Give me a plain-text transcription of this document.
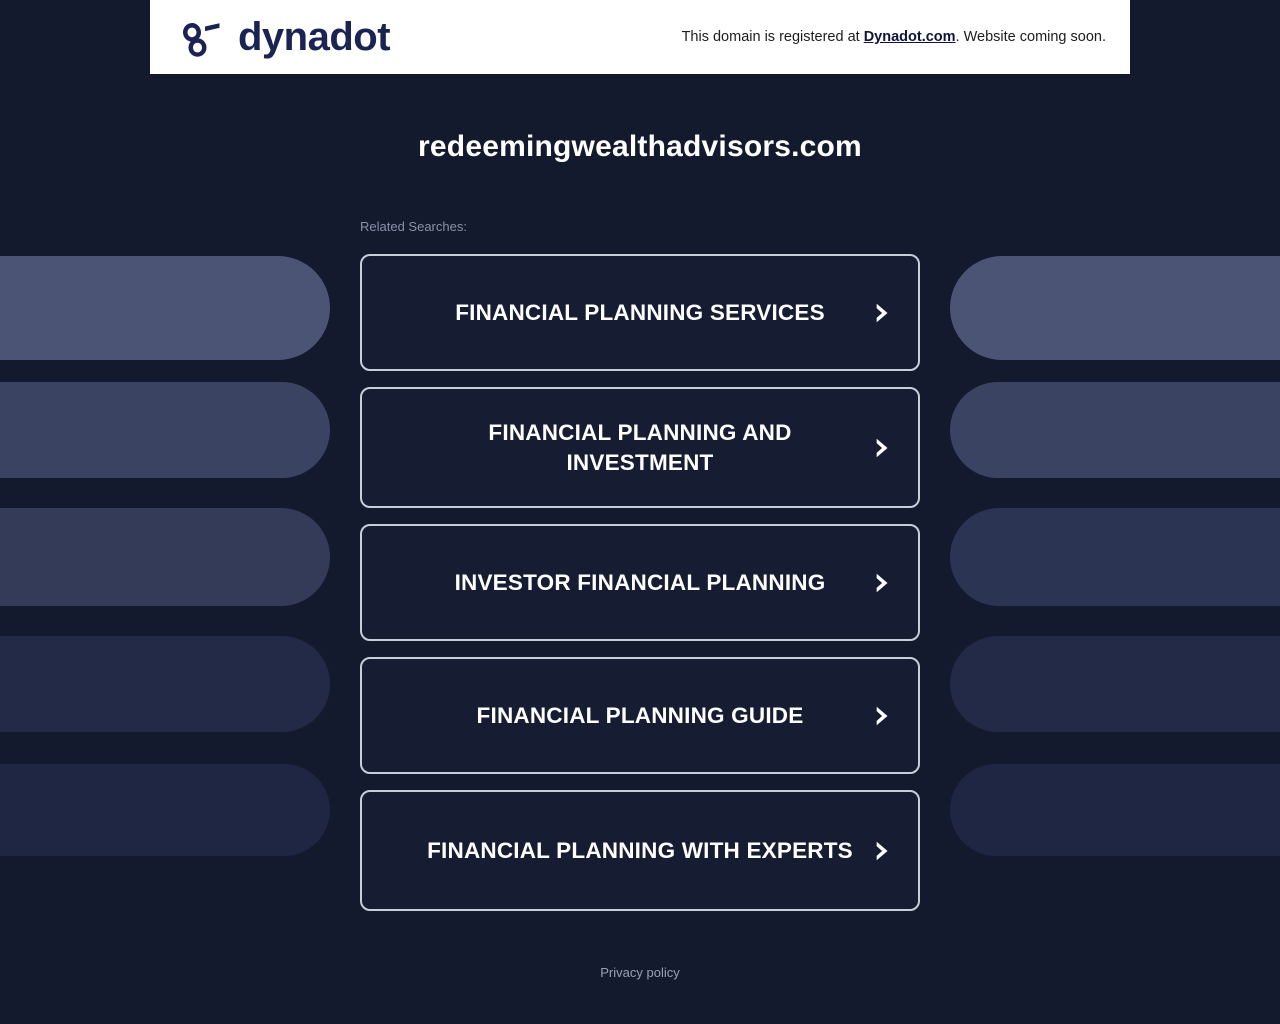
dynadot	This domain is registered at Dynadot.com. Website coming soon.
redeemingwealthadvisors.com
Related Searches:
FINANCIAL PLANNING SERVICES
FINANCIAL PLANNING AND INVESTMENT
INVESTOR FINANCIAL PLANNING
FINANCIAL PLANNING GUIDE
FINANCIAL PLANNING WITH EXPERTS
Privacy policy
